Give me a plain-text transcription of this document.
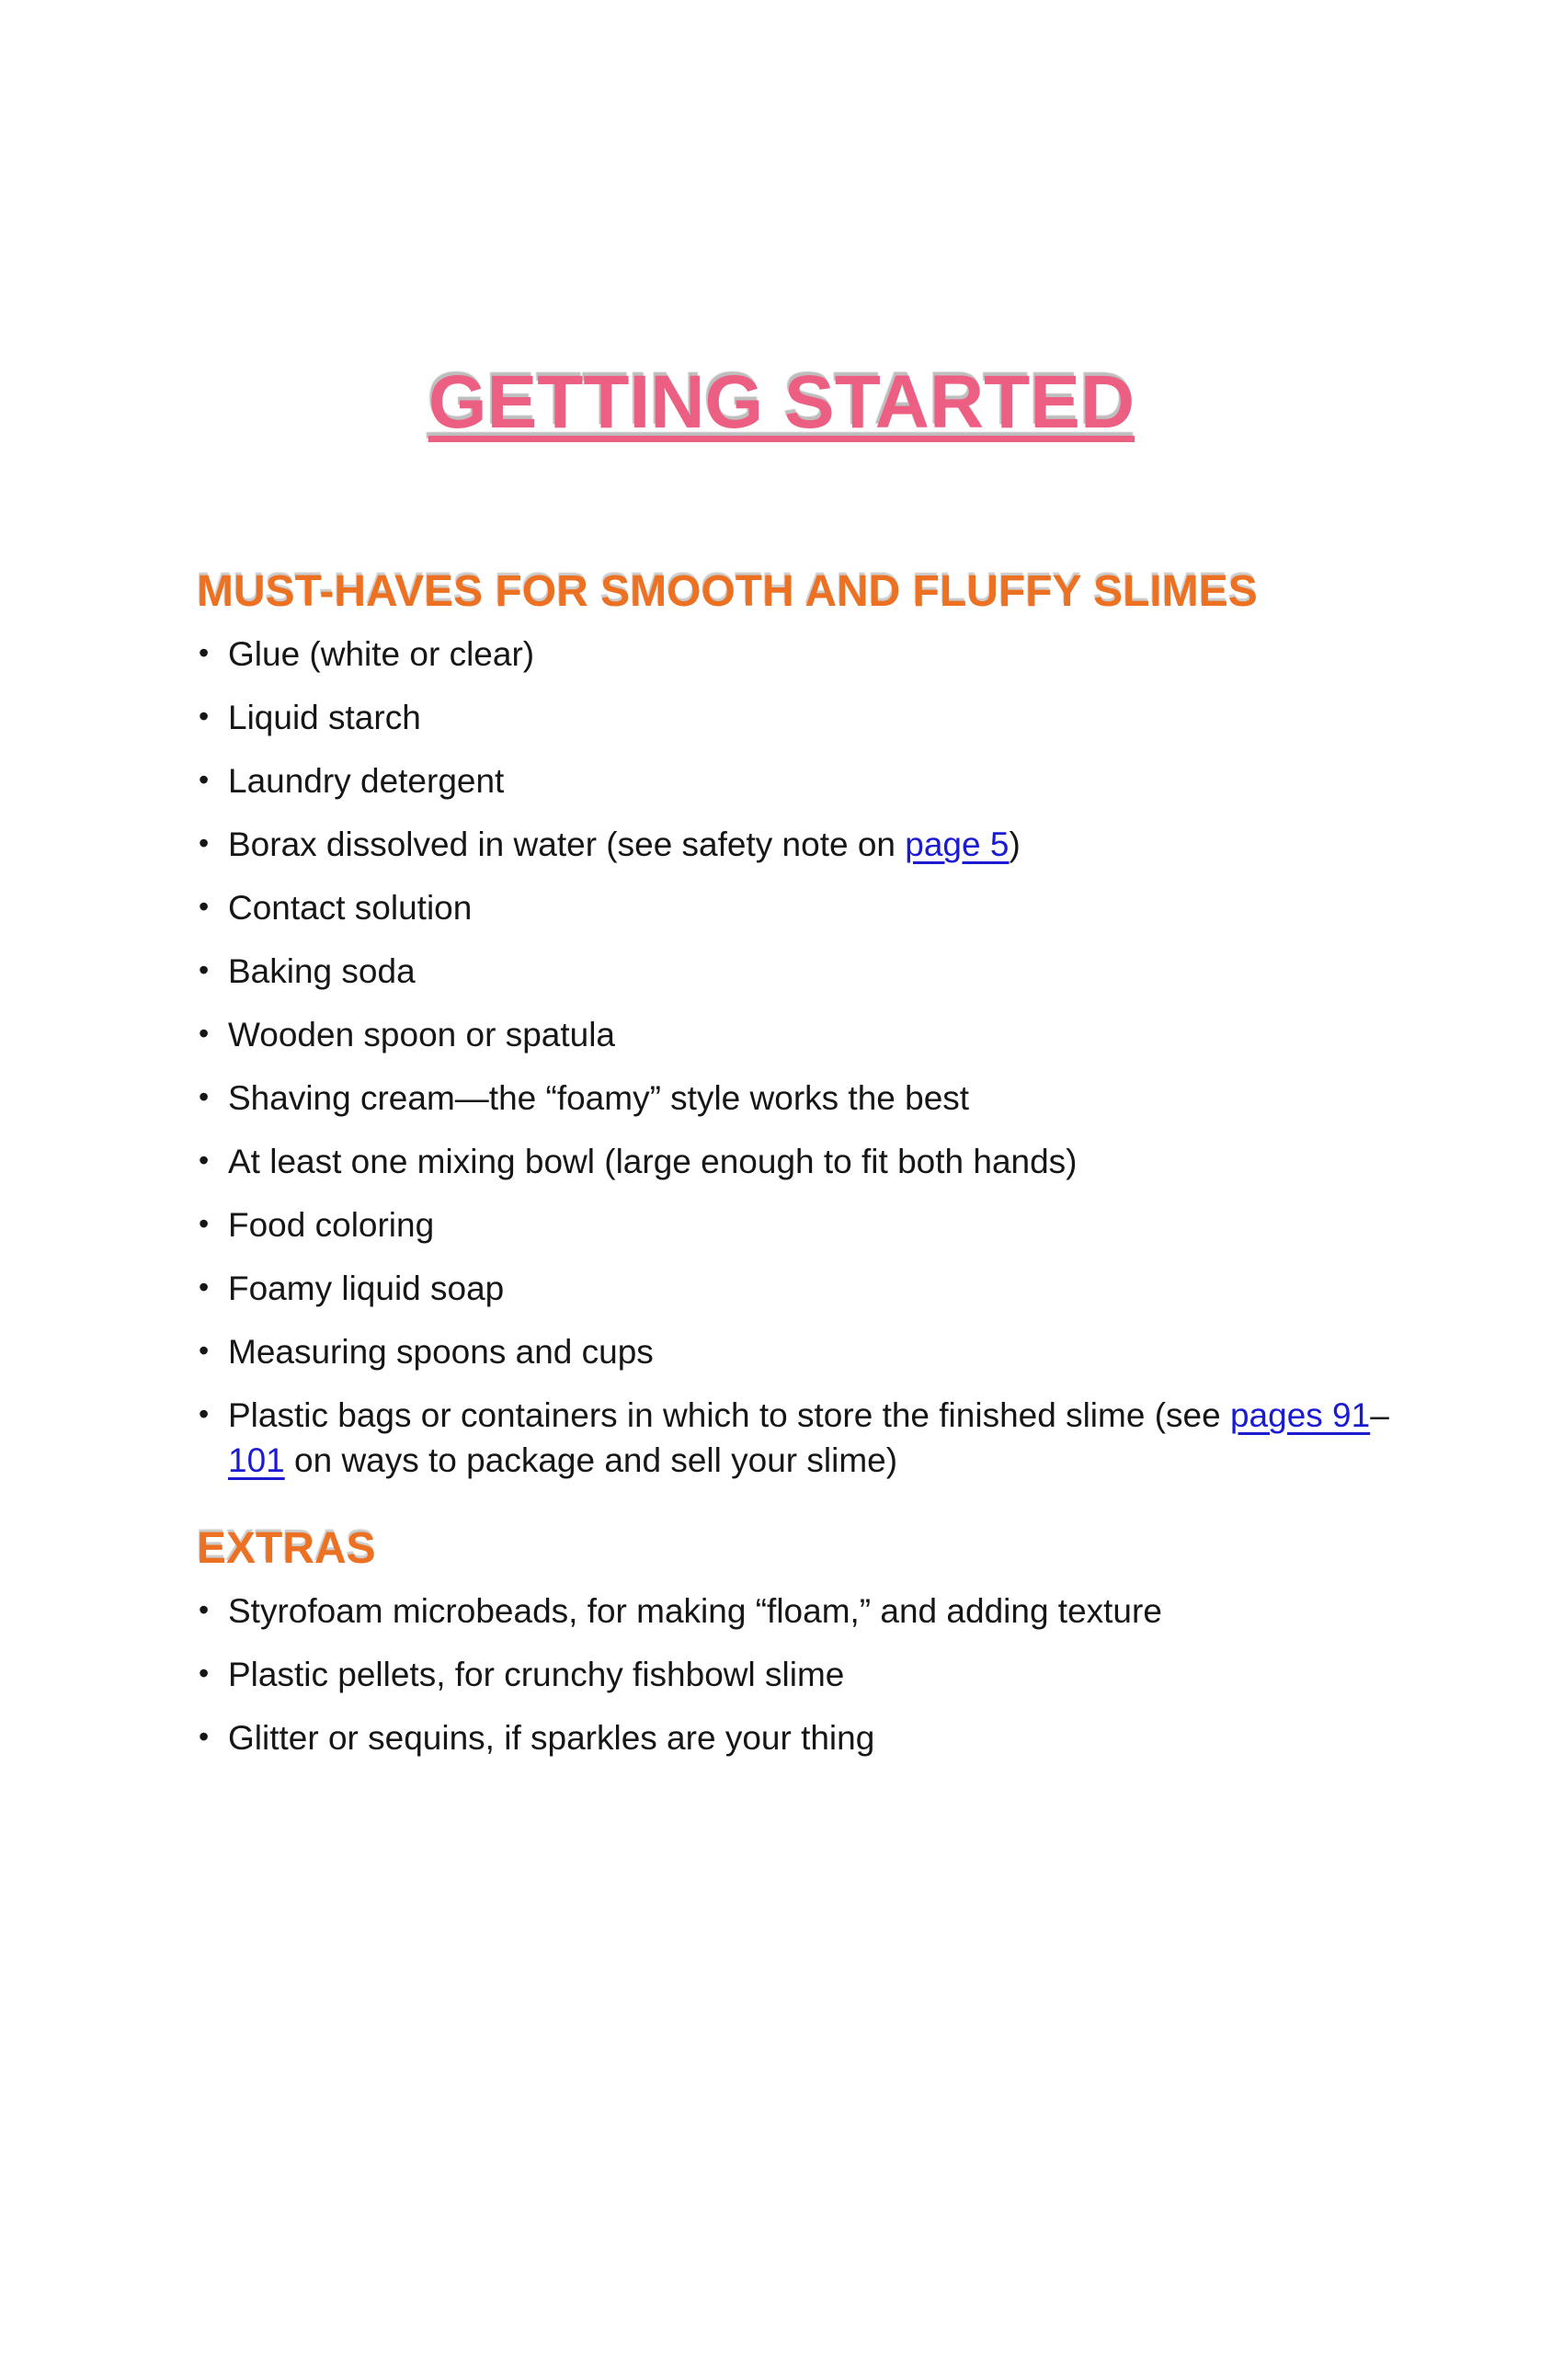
GETTING STARTED
MUST-HAVES FOR SMOOTH AND FLUFFY SLIMES
• Glue (white or clear)
• Liquid starch
• Laundry detergent
• Borax dissolved in water (see safety note on page 5)
• Contact solution
• Baking soda
• Wooden spoon or spatula
• Shaving cream—the “foamy” style works the best
• At least one mixing bowl (large enough to fit both hands)
• Food coloring
• Foamy liquid soap
• Measuring spoons and cups
• Plastic bags or containers in which to store the finished slime (see pages 91–101 on ways to package and sell your slime)
EXTRAS
• Styrofoam microbeads, for making “floam,” and adding texture
• Plastic pellets, for crunchy fishbowl slime
• Glitter or sequins, if sparkles are your thing
